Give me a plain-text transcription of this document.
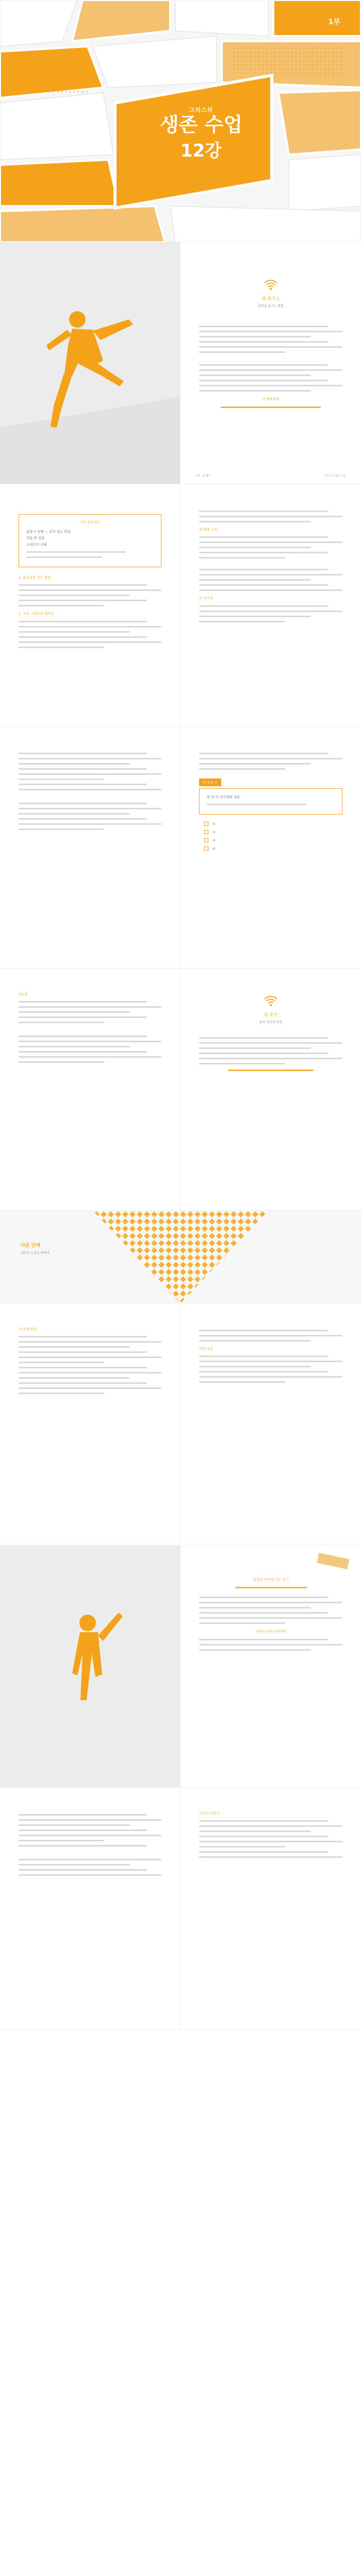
그리스의
생존 수업
12강
1부
몸 풀기 1
방학을 즐기는 방법
첫 번째 알림
1부 · 몸 풀기	그리스식 생존 수업
이번 장의 핵심
몸풀기 첫째 — 혼자 걷는 연습
처음 한 걸음
고대인의 지혜
1. 운동장을 걷는 방법
2. 고대 그리스의 체육관
첫 번째 수업
3. 마무리
한 걸음 더
한 번 더 생각해볼 질문
①
②
③
④
1단계
몸 풀기
몸과 마음의 균형
다음 단계
새로운 도전을 향하여
세 번째 연습
핵심 정리
일상의 마지막 시도 하기
이제 더 멀리 나아가자
마지막 이야기
